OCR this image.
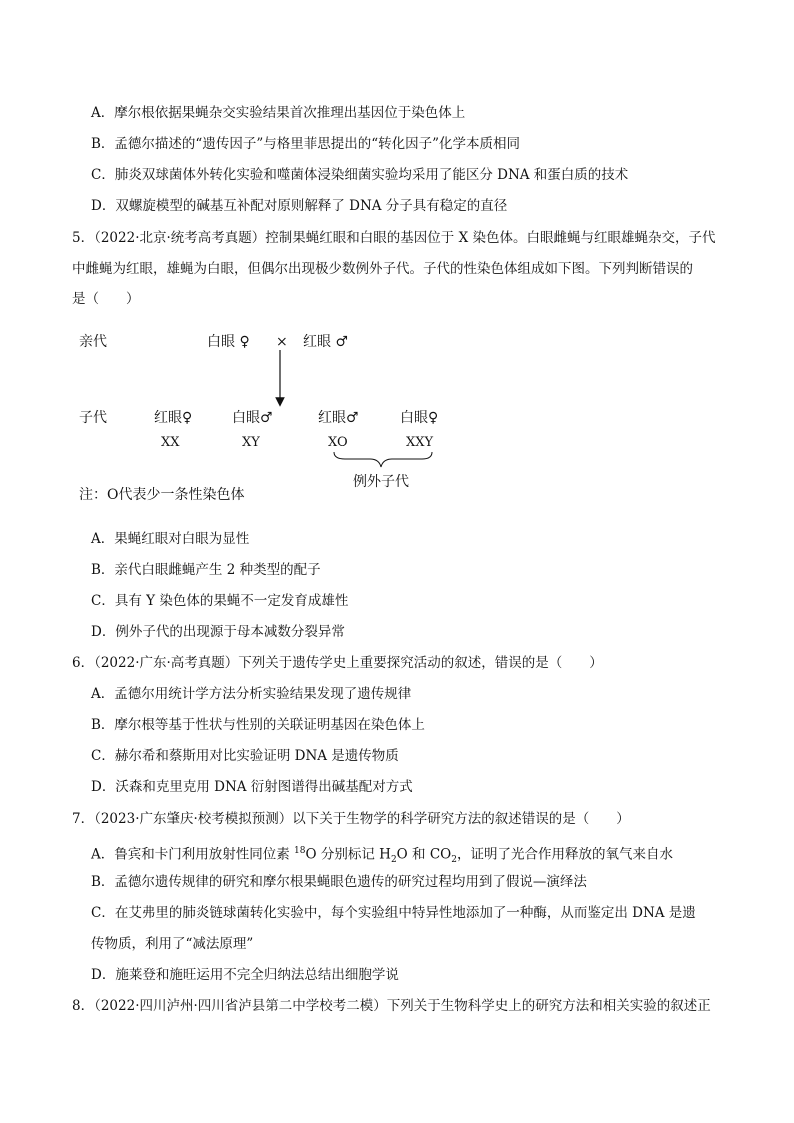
A．摩尔根依据果蝇杂交实验结果首次推理出基因位于染色体上
B．孟德尔描述的“遗传因子”与格里菲思提出的“转化因子”化学本质相同
C．肺炎双球菌体外转化实验和噬菌体浸染细菌实验均采用了能区分 DNA 和蛋白质的技术
D．双螺旋模型的碱基互补配对原则解释了 DNA 分子具有稳定的直径
5．（2022·北京·统考高考真题）控制果蝇红眼和白眼的基因位于 X 染色体。白眼雌蝇与红眼雄蝇杂交，子代
中雌蝇为红眼，雄蝇为白眼，但偶尔出现极少数例外子代。子代的性染色体组成如下图。下列判断错误的
是（　　）
亲代	白眼 ♀ × 红眼 ♂
子代	红眼♀	白眼♂	红眼♂	白眼♀
XX	XY	XO	XXY
例外子代
注：O代表少一条性染色体
A．果蝇红眼对白眼为显性
B．亲代白眼雌蝇产生 2 种类型的配子
C．具有 Y 染色体的果蝇不一定发育成雄性
D．例外子代的出现源于母本减数分裂异常
6．（2022·广东·高考真题）下列关于遗传学史上重要探究活动的叙述，错误的是（　　）
A．孟德尔用统计学方法分析实验结果发现了遗传规律
B．摩尔根等基于性状与性别的关联证明基因在染色体上
C．赫尔希和蔡斯用对比实验证明 DNA 是遗传物质
D．沃森和克里克用 DNA 衍射图谱得出碱基配对方式
7．（2023·广东肇庆·校考模拟预测）以下关于生物学的科学研究方法的叙述错误的是（　　）
A．鲁宾和卡门利用放射性同位素 $^{18}$O 分别标记 $H_2O$ 和 $CO_2$，证明了光合作用释放的氧气来自水
B．孟德尔遗传规律的研究和摩尔根果蝇眼色遗传的研究过程均用到了假说—演绎法
C．在艾弗里的肺炎链球菌转化实验中，每个实验组中特异性地添加了一种酶，从而鉴定出 DNA 是遗
传物质，利用了“减法原理”
D．施莱登和施旺运用不完全归纳法总结出细胞学说
8．（2022·四川泸州·四川省泸县第二中学校考二模）下列关于生物科学史上的研究方法和相关实验的叙述正
